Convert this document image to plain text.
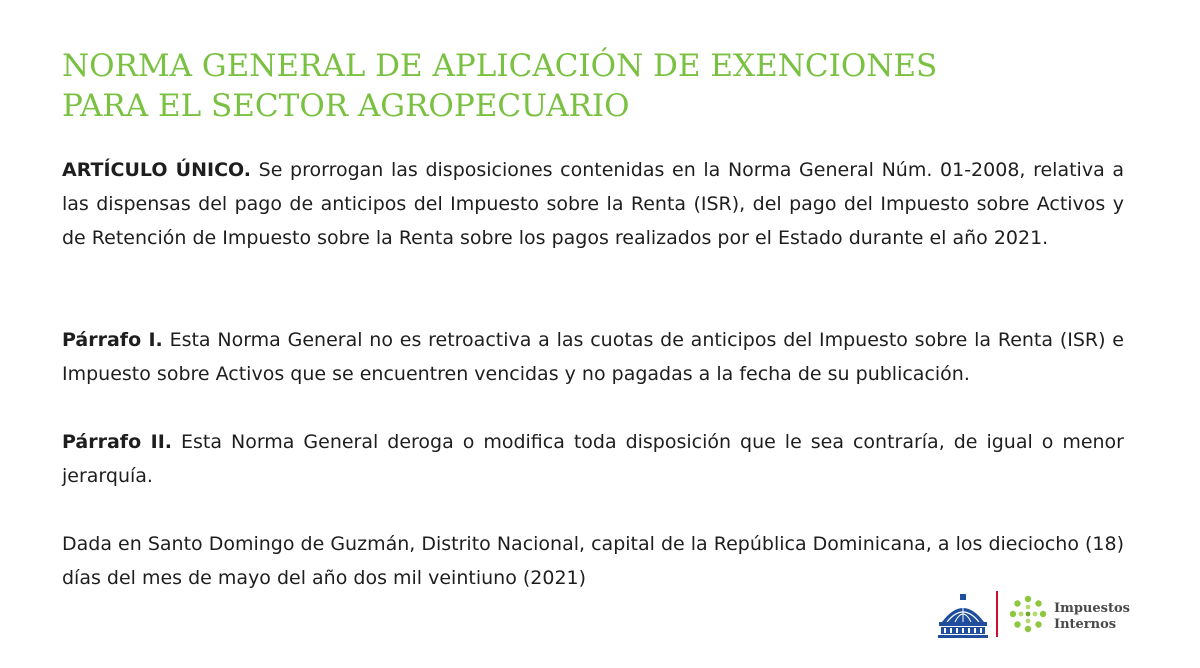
NORMA GENERAL DE APLICACIÓN DE EXENCIONES
PARA EL SECTOR AGROPECUARIO

ARTÍCULO ÚNICO. Se prorrogan las disposiciones contenidas en la Norma General Núm. 01-2008, relativa a las dispensas del pago de anticipos del Impuesto sobre la Renta (ISR), del pago del Impuesto sobre Activos y de Retención de Impuesto sobre la Renta sobre los pagos realizados por el Estado durante el año 2021.

Párrafo I. Esta Norma General no es retroactiva a las cuotas de anticipos del Impuesto sobre la Renta (ISR) e Impuesto sobre Activos que se encuentren vencidas y no pagadas a la fecha de su publicación.

Párrafo II. Esta Norma General deroga o modifica toda disposición que le sea contraría, de igual o menor jerarquía.

Dada en Santo Domingo de Guzmán, Distrito Nacional, capital de la República Dominicana, a los dieciocho (18) días del mes de mayo del año dos mil veintiuno (2021)

Impuestos
Internos
